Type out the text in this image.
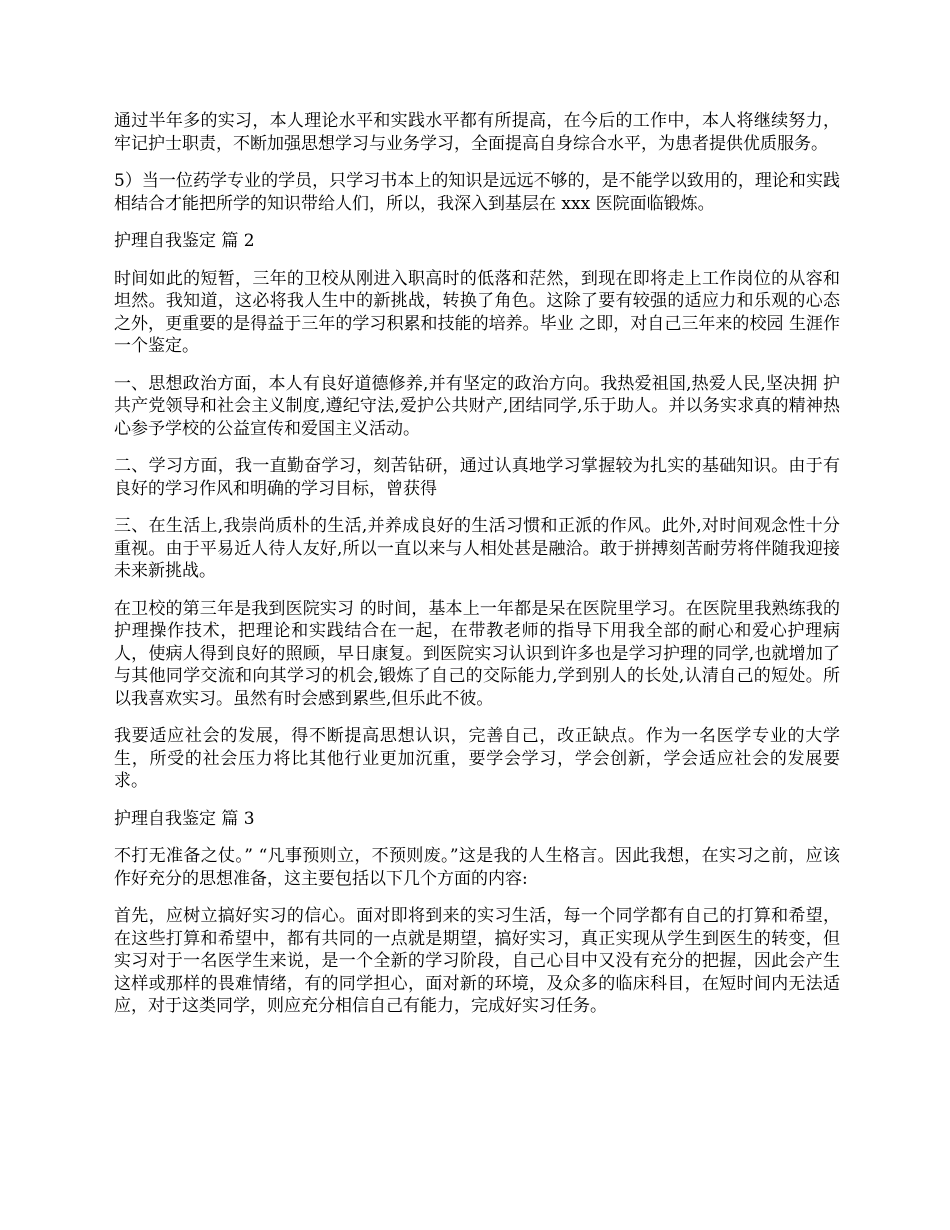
通过半年多的实习，本人理论水平和实践水平都有所提高，在今后的工作中，本人将继续努力，牢记护士职责，不断加强思想学习与业务学习，全面提高自身综合水平，为患者提供优质服务。

5）当一位药学专业的学员，只学习书本上的知识是远远不够的，是不能学以致用的，理论和实践相结合才能把所学的知识带给人们，所以，我深入到基层在 xxx 医院面临锻炼。

护理自我鉴定 篇 2

时间如此的短暂，三年的卫校从刚进入职高时的低落和茫然，到现在即将走上工作岗位的从容和坦然。我知道，这必将我人生中的新挑战，转换了角色。这除了要有较强的适应力和乐观的心态之外，更重要的是得益于三年的学习积累和技能的培养。毕业 之即，对自己三年来的校园 生涯作一个鉴定。

一、思想政治方面，本人有良好道德修养,并有坚定的政治方向。我热爱祖国,热爱人民,坚决拥 护共产党领导和社会主义制度,遵纪守法,爱护公共财产,团结同学,乐于助人。并以务实求真的精神热心参予学校的公益宣传和爱国主义活动。

二、学习方面，我一直勤奋学习，刻苦钻研，通过认真地学习掌握较为扎实的基础知识。由于有良好的学习作风和明确的学习目标，曾获得

三、在生活上,我崇尚质朴的生活,并养成良好的生活习惯和正派的作风。此外,对时间观念性十分重视。由于平易近人待人友好,所以一直以来与人相处甚是融洽。敢于拼搏刻苦耐劳将伴随我迎接未来新挑战。

在卫校的第三年是我到医院实习 的时间，基本上一年都是呆在医院里学习。在医院里我熟练我的护理操作技术，把理论和实践结合在一起，在带教老师的指导下用我全部的耐心和爱心护理病人，使病人得到良好的照顾，早日康复。到医院实习认识到许多也是学习护理的同学,也就增加了与其他同学交流和向其学习的机会,锻炼了自己的交际能力,学到别人的长处,认清自己的短处。所以我喜欢实习。虽然有时会感到累些,但乐此不彼。

我要适应社会的发展，得不断提高思想认识，完善自己，改正缺点。作为一名医学专业的大学生，所受的社会压力将比其他行业更加沉重，要学会学习，学会创新，学会适应社会的发展要求。

护理自我鉴定 篇 3

不打无准备之仗。” “凡事预则立，不预则废。”这是我的人生格言。因此我想，在实习之前，应该作好充分的思想准备，这主要包括以下几个方面的内容:

首先，应树立搞好实习的信心。面对即将到来的实习生活，每一个同学都有自己的打算和希望，在这些打算和希望中，都有共同的一点就是期望，搞好实习，真正实现从学生到医生的转变，但实习对于一名医学生来说，是一个全新的学习阶段，自己心目中又没有充分的把握，因此会产生这样或那样的畏难情绪，有的同学担心，面对新的环境，及众多的临床科目，在短时间内无法适应，对于这类同学，则应充分相信自己有能力，完成好实习任务。
